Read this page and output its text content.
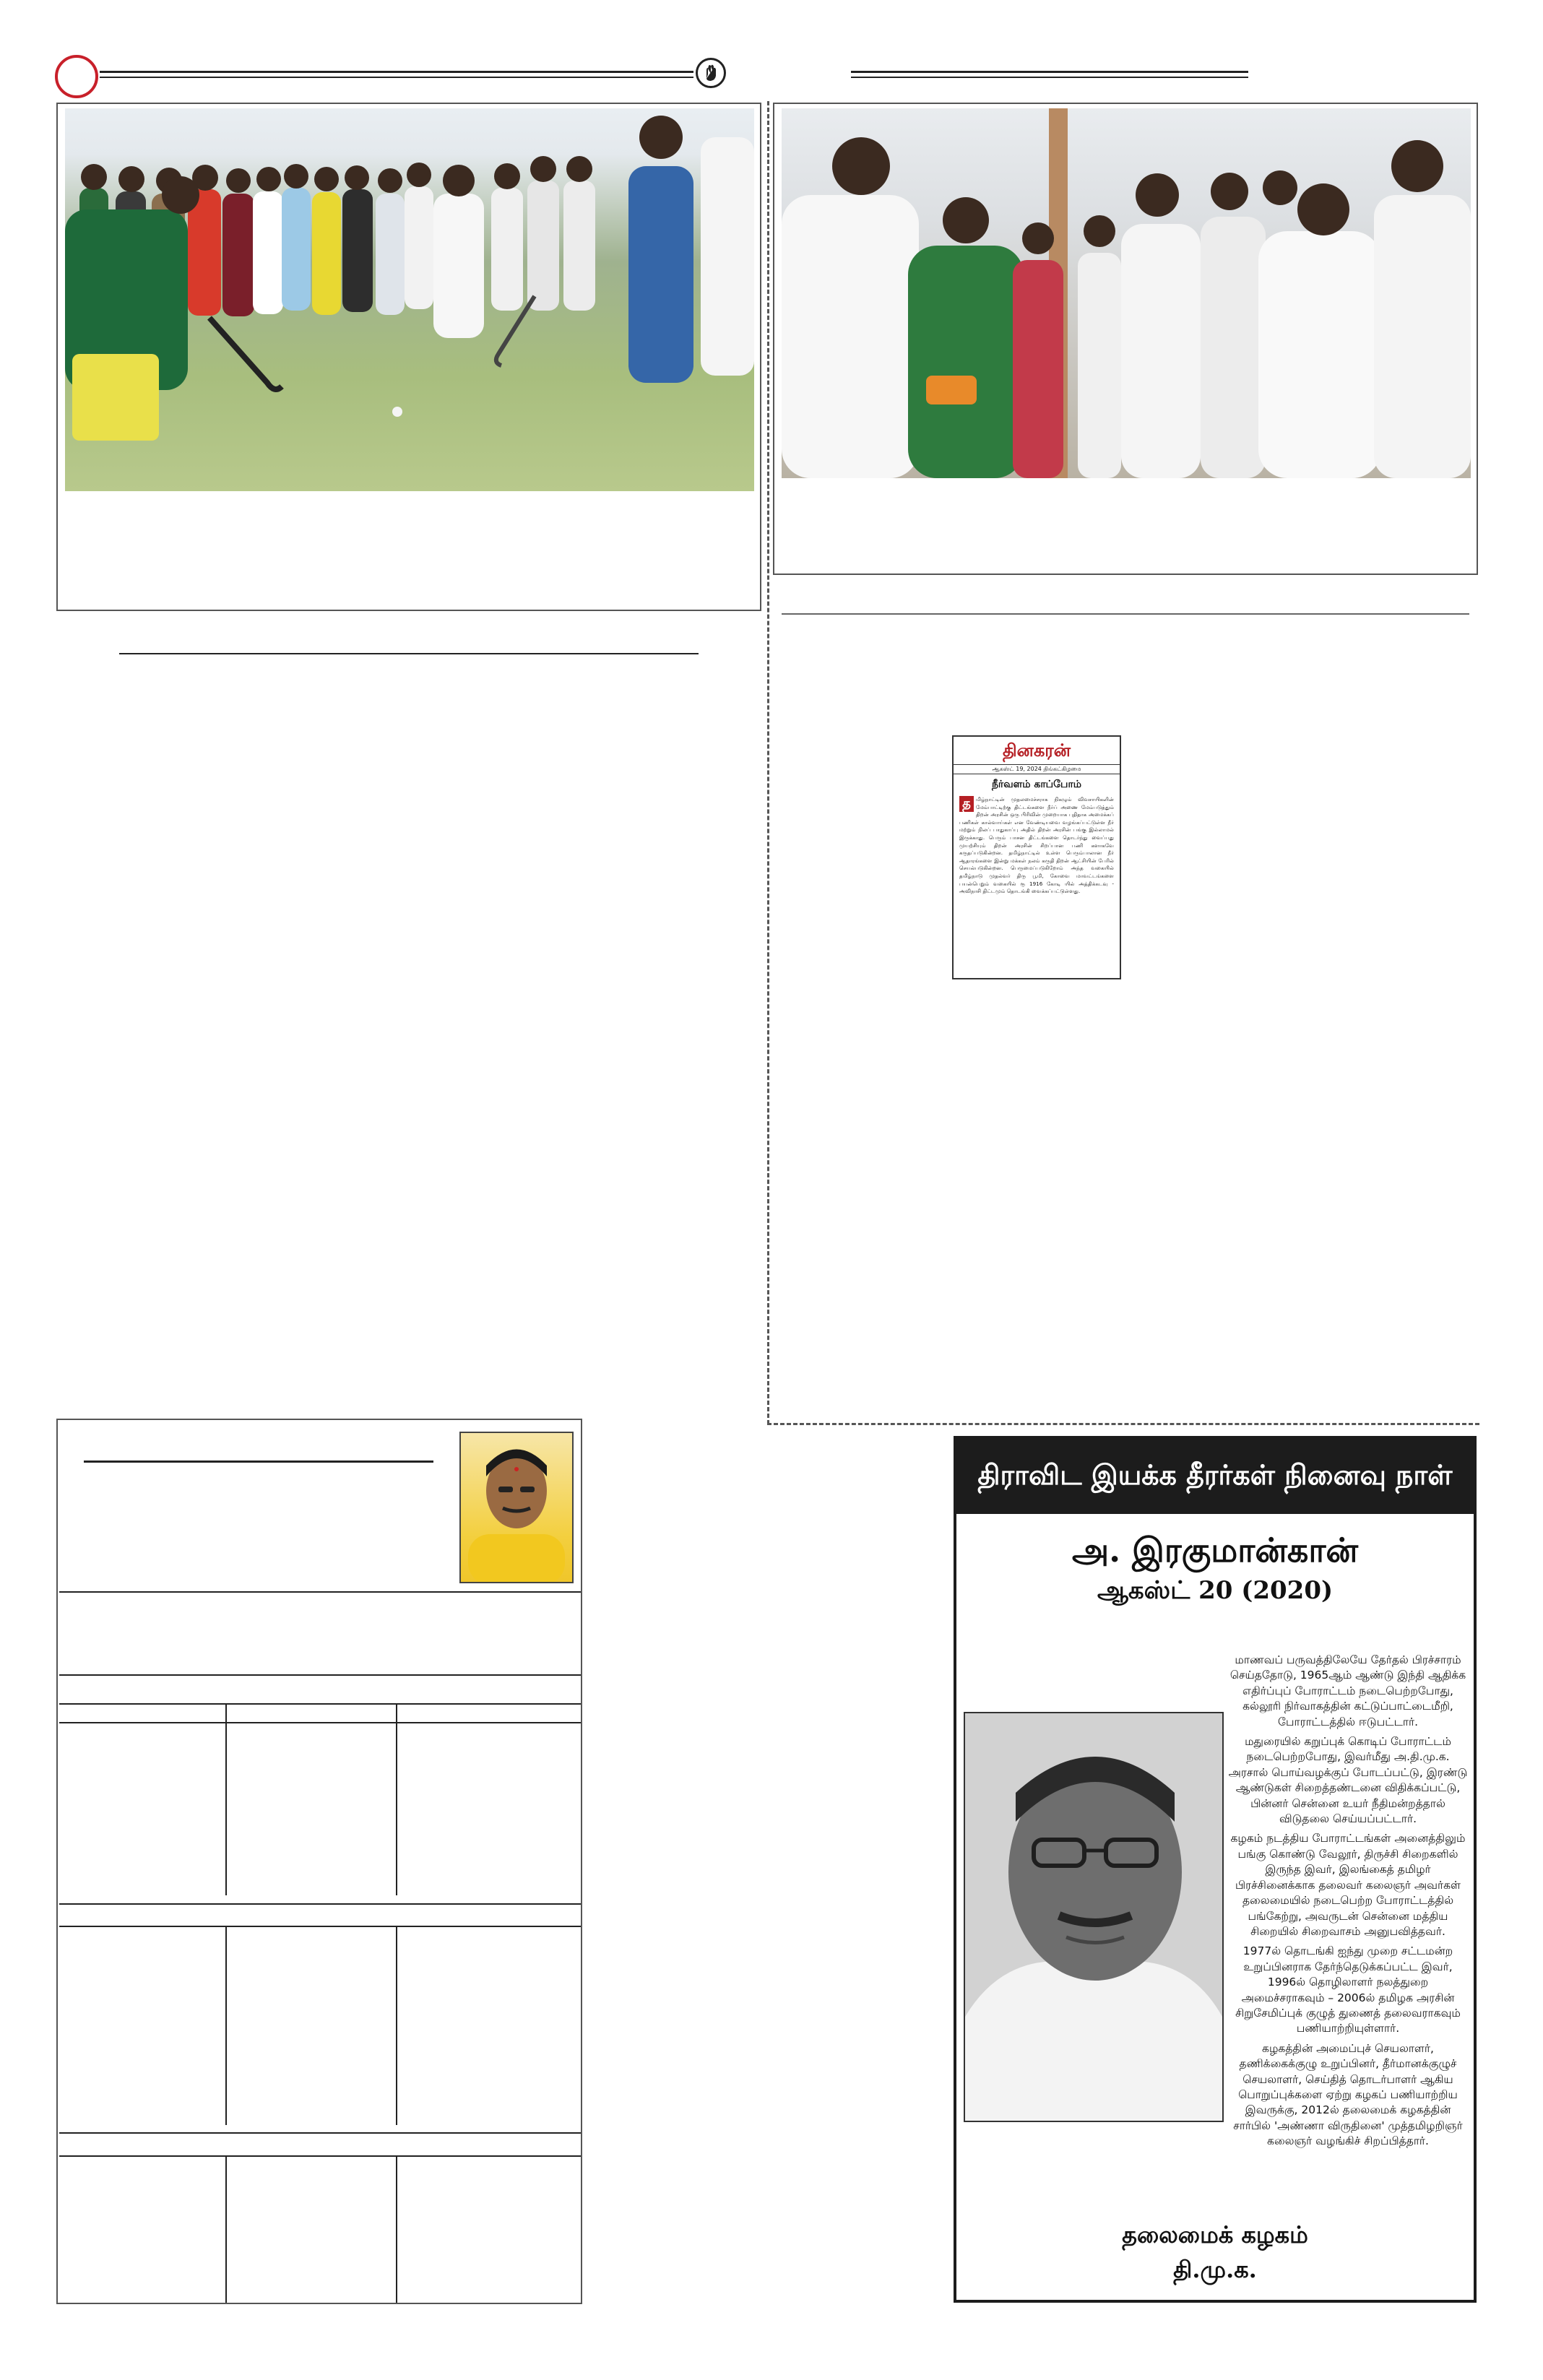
தினகரன்
ஆகஸ்ட் 19, 2024 திங்கட்கிழமை
நீர்வளம் காப்போம்
த மிழ்நாட்டின் முதலமைச்சராக நிகழும் விவசாயிகளின் மேம்பாட்டிற்கு திட்டங்களை நீர்ப் அணை மேம்படுத்தும் திறன் அரசின் ஒரு பிரிவின் முறையாக புதிதாக அமைக்கப் பணிகள் கால்வாய்கள் என வேண்டியவை வழங்கப்பட்டுள்ள நீர் மற்றும் நிலப் பாதுகாப்பு அதில் திறன் அரசின் பங்கு இல்லாமல் இருக்காது. பெரும் பாசன திட்டங்களை தொடர்ந்து வைப்பது முயற்சியும் திறன் அரசின் சிறப்பான பணி களாகவே கருதப்படுகின்றன. தமிழ்நாட்டில் உள்ள பெரும்பாலான நீர் ஆதாரங்களை இன்று மக்கள் நலம் கருதி திறன் ஆட்சியின் பேரில் செயல்படுகின்றன. பெருமைப்படுகிறோம் அந்த வகையில் தமிழ்நாடு முதல்வர் திரு பூமி, கோவை மாவட்டங்களை பயன்பெறும் வகையில் ரூ 1916 கோடி யில் அத்திக்கடவு - அவிநாசி திட்டமும் தொடங்கி வைக்கப்பட்டுள்ளது.
திராவிட இயக்க தீரர்கள் நினைவு நாள்
அ. இரகுமான்கான்
ஆகஸ்ட் 20 (2020)

மாணவப் பருவத்திலேயே தேர்தல் பிரச்சாரம் செய்ததோடு, 1965ஆம் ஆண்டு இந்தி ஆதிக்க எதிர்ப்புப் போராட்டம் நடைபெற்றபோது, கல்லூரி நிர்வாகத்தின் கட்டுப்பாட்டைமீறி, போராட்டத்தில் ஈடுபட்டார்.

மதுரையில் கறுப்புக் கொடிப் போராட்டம் நடைபெற்றபோது, இவர்மீது அ.தி.மு.க. அரசால் பொய்வழக்குப் போடப்பட்டு, இரண்டு ஆண்டுகள் சிறைத்தண்டனை விதிக்கப்பட்டு, பின்னர் சென்னை உயர் நீதிமன்றத்தால் விடுதலை செய்யப்பட்டார்.

கழகம் நடத்திய போராட்டங்கள் அனைத்திலும் பங்கு கொண்டு வேலூர், திருச்சி சிறைகளில் இருந்த இவர், இலங்கைத் தமிழர் பிரச்சினைக்காக தலைவர் கலைஞர் அவர்கள் தலைமையில் நடைபெற்ற போராட்டத்தில் பங்கேற்று, அவருடன் சென்னை மத்திய சிறையில் சிறைவாசம் அனுபவித்தவர்.

1977ல் தொடங்கி ஐந்து முறை சட்டமன்ற உறுப்பினராக தேர்ந்தெடுக்கப்பட்ட இவர், 1996ல் தொழிலாளர் நலத்துறை அமைச்சராகவும் – 2006ல் தமிழக அரசின் சிறுசேமிப்புக் குழுத் துணைத் தலைவராகவும் பணியாற்றியுள்ளார்.

கழகத்தின் அமைப்புச் செயலாளர், தணிக்கைக்குழு உறுப்பினர், தீர்மானக்குழுச் செயலாளர், செய்தித் தொடர்பாளர் ஆகிய பொறுப்புக்களை ஏற்று கழகப் பணியாற்றிய இவருக்கு, 2012ல் தலைமைக் கழகத்தின் சார்பில் 'அண்ணா விருதினை' முத்தமிழறிஞர் கலைஞர் வழங்கிச் சிறப்பித்தார்.

தலைமைக் கழகம்
தி.மு.க.
